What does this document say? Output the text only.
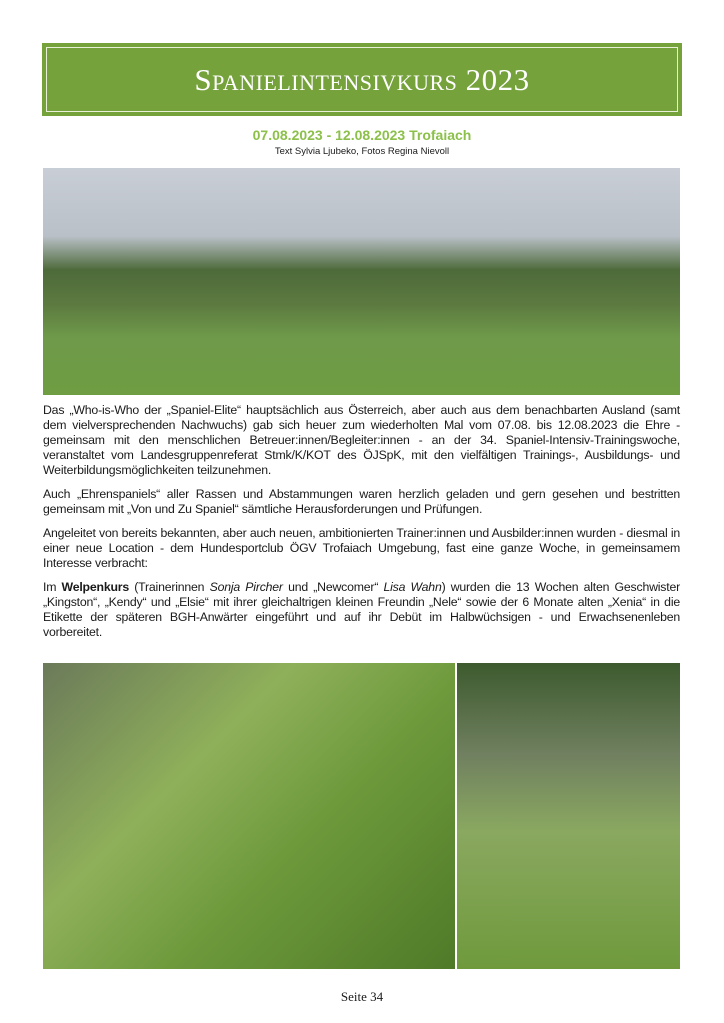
Spanielintensivkurs 2023
07.08.2023 - 12.08.2023 Trofaiach
Text Sylvia Ljubeko, Fotos Regina Nievoll

Das „Who-is-Who der „Spaniel-Elite“ hauptsächlich aus Österreich, aber auch aus dem benachbarten Ausland (samt dem vielversprechenden Nachwuchs) gab sich heuer zum wiederholten Mal vom 07.08. bis 12.08.2023 die Ehre - gemeinsam mit den menschlichen Betreuer:innen/Begleiter:innen - an der 34. Spaniel-Intensiv-Trainingswoche, veranstaltet vom Landesgruppenreferat Stmk/K/KOT des ÖJSpK, mit den vielfältigen Trainings-, Ausbildungs- und Weiterbildungsmöglichkeiten teilzunehmen.

Auch „Ehrenspaniels“ aller Rassen und Abstammungen waren herzlich geladen und gern gesehen und bestritten gemeinsam mit „Von und Zu Spaniel“ sämtliche Herausforderungen und Prüfungen.

Angeleitet von bereits bekannten, aber auch neuen, ambitionierten Trainer:innen und Ausbilder:innen wurden - diesmal in einer neue Location - dem Hundesportclub ÖGV Trofaiach Umgebung, fast eine ganze Woche, in gemeinsamem Interesse verbracht:

Im Welpenkurs (Trainerinnen Sonja Pircher und „Newcomer“ Lisa Wahn) wurden die 13 Wochen alten Geschwister „Kingston“, „Kendy“ und „Elsie“ mit ihrer gleichaltrigen kleinen Freundin „Nele“ sowie der 6 Monate alten „Xenia“ in die Etikette der späteren BGH-Anwärter eingeführt und auf ihr Debüt im Halbwüchsigen - und Erwachsenenleben vorbereitet.

Seite 34
